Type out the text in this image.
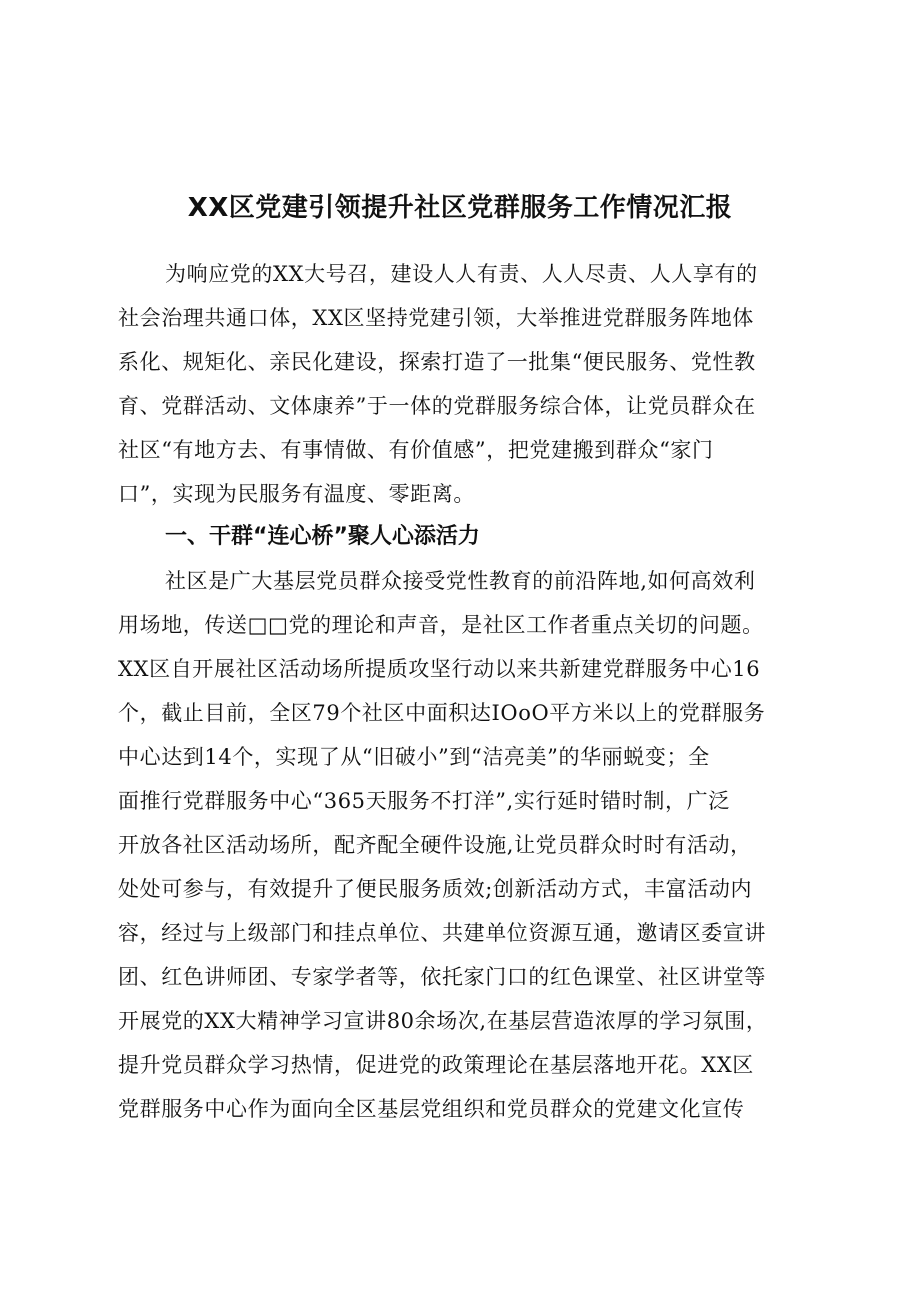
XX区党建引领提升社区党群服务工作情况汇报

为响应党的XX大号召，建设人人有责、人人尽责、人人享有的

社会治理共通口体，XX区坚持党建引领，大举推进党群服务阵地体

系化、规矩化、亲民化建设，探索打造了一批集“便民服务、党性教

育、党群活动、文体康养”于一体的党群服务综合体，让党员群众在

社区“有地方去、有事情做、有价值感”，把党建搬到群众“家门

口”，实现为民服务有温度、零距离。

一、干群“连心桥”聚人心添活力

社区是广大基层党员群众接受党性教育的前沿阵地,如何高效利

用场地，传送□□党的理论和声音，是社区工作者重点关切的问题。

XX区自开展社区活动场所提质攻坚行动以来共新建党群服务中心16

个，截止目前，全区79个社区中面积达IOoO平方米以上的党群服务

中心达到14个，实现了从“旧破小”到“洁亮美”的华丽蜕变；全

面推行党群服务中心“365天服务不打洋”,实行延时错时制，广泛

开放各社区活动场所，配齐配全硬件设施,让党员群众时时有活动，

处处可参与，有效提升了便民服务质效;创新活动方式，丰富活动内

容，经过与上级部门和挂点单位、共建单位资源互通，邀请区委宣讲

团、红色讲师团、专家学者等，依托家门口的红色课堂、社区讲堂等

开展党的XX大精神学习宣讲80余场次,在基层营造浓厚的学习氛围，

提升党员群众学习热情，促进党的政策理论在基层落地开花。XX区

党群服务中心作为面向全区基层党组织和党员群众的党建文化宣传
